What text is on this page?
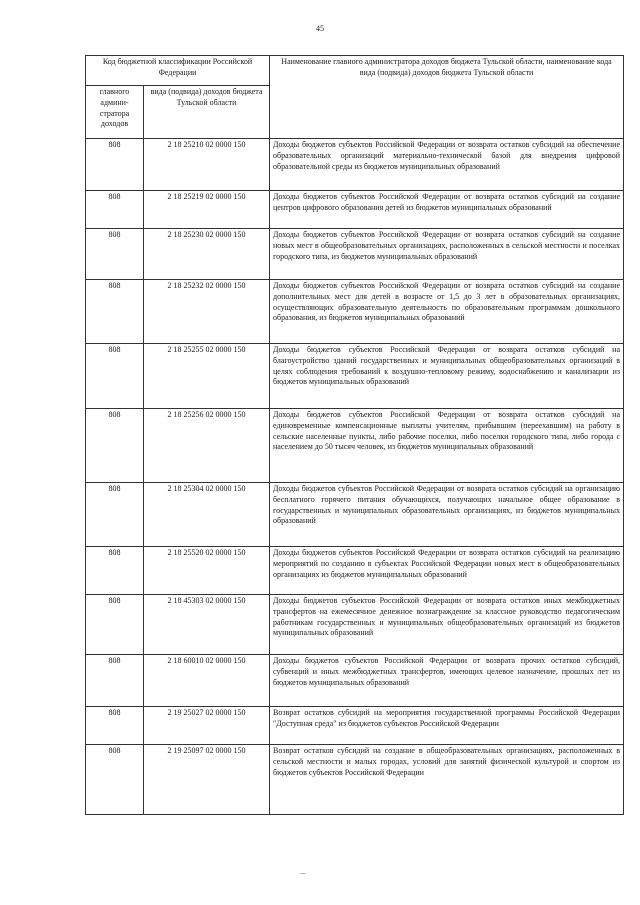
45
Код бюджетной классификации Российской Федерации		Наименование главного администратора доходов бюджета Тульской области, наименование кода вида (подвида) доходов бюджета Тульской области
главного админи-стратора доходов	вида (подвида) доходов бюджета Тульской области	
808	2 18 25210 02 0000 150	Доходы бюджетов субъектов Российской Федерации от возврата остатков субсидий на обеспечение образовательных организаций материально-технической базой для внедрения цифровой образовательной среды из бюджетов муниципальных образований
808	2 18 25219 02 0000 150	Доходы бюджетов субъектов Российской Федерации от возврата остатков субсидий на создание центров цифрового образования детей из бюджетов муниципальных образований
808	2 18 25230 02 0000 150	Доходы бюджетов субъектов Российской Федерации от возврата остатков субсидий на создание новых мест в общеобразовательных организациях, расположенных в сельской местности и поселках городского типа, из бюджетов муниципальных образований
808	2 18 25232 02 0000 150	Доходы бюджетов субъектов Российской Федерации от возврата остатков субсидий на создание дополнительных мест для детей в возрасте от 1,5 до 3 лет в образовательных организациях, осуществляющих образовательную деятельность по образовательным программам дошкольного образования, из бюджетов муниципальных образований
808	2 18 25255 02 0000 150	Доходы бюджетов субъектов Российской Федерации от возврата остатков субсидий на благоустройство зданий государственных и муниципальных общеобразовательных организаций в целях соблюдения требований к воздушно-тепловому режиму, водоснабжению и канализации из бюджетов муниципальных образований
808	2 18 25256 02 0000 150	Доходы бюджетов субъектов Российской Федерации от возврата остатков субсидий на единовременные компенсационные выплаты учителям, прибывшим (переехавшим) на работу в сельские населенные пункты, либо рабочие поселки, либо поселки городского типа, либо города с населением до 50 тысяч человек, из бюджетов муниципальных образований
808	2 18 25304 02 0000 150	Доходы бюджетов субъектов Российской Федерации от возврата остатков субсидий на организацию бесплатного горячего питания обучающихся, получающих начальное общее образование в государственных и муниципальных образовательных организациях, из бюджетов муниципальных образований
808	2 18 25520 02 0000 150	Доходы бюджетов субъектов Российской Федерации от возврата остатков субсидий на реализацию мероприятий по созданию в субъектах Российской Федерации новых мест в общеобразовательных организациях из бюджетов муниципальных образований
808	2 18 45303 02 0000 150	Доходы бюджетов субъектов Российской Федерации от возврата остатков иных межбюджетных трансфертов на ежемесячное денежное вознаграждение за классное руководство педагогическим работникам государственных и муниципальных общеобразовательных организаций из бюджетов муниципальных образований
808	2 18 60010 02 0000 150	Доходы бюджетов субъектов Российской Федерации от возврата прочих остатков субсидий, субвенций и иных межбюджетных трансфертов, имеющих целевое назначение, прошлых лет из бюджетов муниципальных образований
808	2 19 25027 02 0000 150	Возврат остатков субсидий на мероприятия государственной программы Российской Федерации "Доступная среда" из бюджетов субъектов Российской Федерации
808	2 19 25097 02 0000 150	Возврат остатков субсидий на создание в общеобразовательных организациях, расположенных в сельской местности и малых городах, условий для занятий физической культурой и спортом из бюджетов субъектов Российской Федерации
